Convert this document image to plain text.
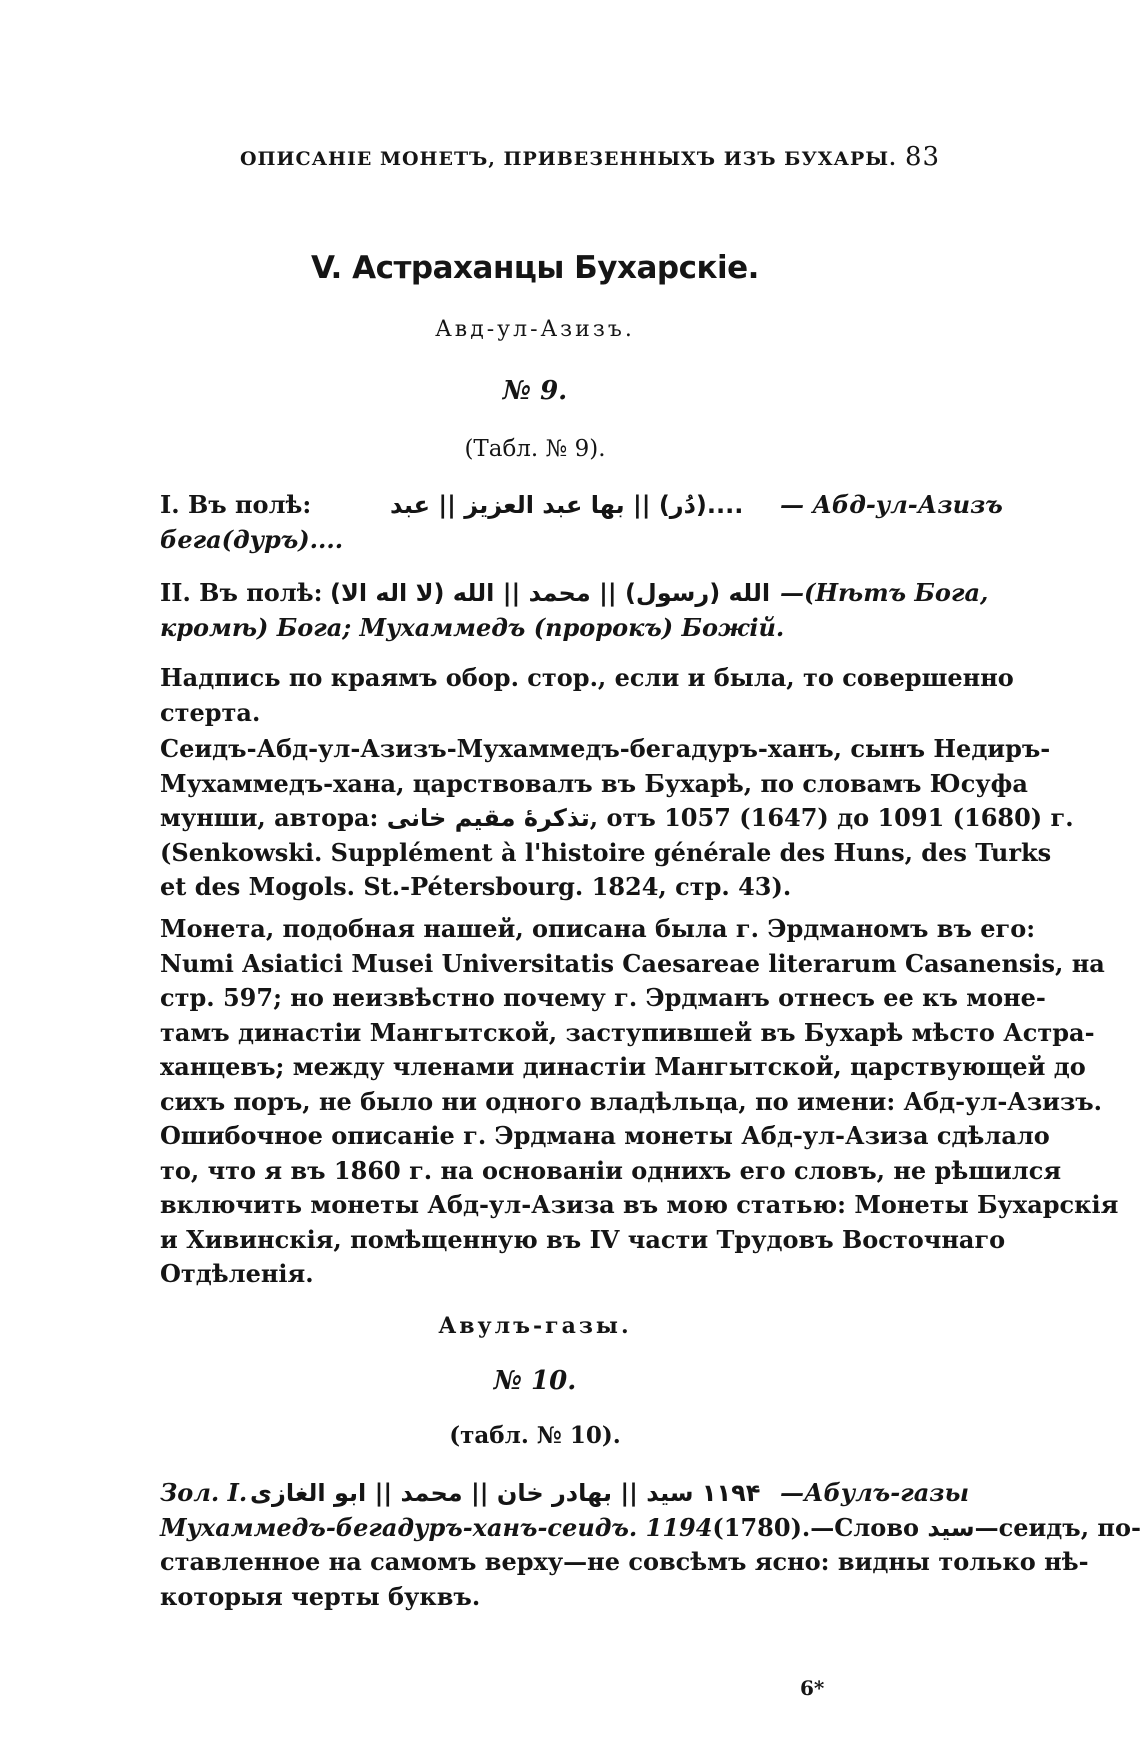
ОПИСАНІЕ МОНЕТЪ, ПРИВЕЗЕННЫХЪ ИЗЪ БУХАРЫ. 83
V. Астраханцы Бухарскіе.
Авд-ул-Азизъ.
№ 9.
(Табл. № 9).
I. Въ полѣ:	....(دُر) || بها عبد العزيز || عبد — Абд-ул-Азизъ
бега(дуръ)....
II. Въ полѣ: الله (رسول) || محمد || الله (لا اله الا) —(Нѣтъ Бога,
кромѣ) Бога; Мухаммедъ (пророкъ) Божій.
Надпись по краямъ обор. стор., если и была, то совершенно
стерта.
Сеидъ-Абд-ул-Азизъ-Мухаммедъ-бегадуръ-ханъ, сынъ Недиръ-
Мухаммедъ-хана, царствовалъ въ Бухарѣ, по словамъ Юсуфа
мунши, автора: تذکرهٔ مقیم خانی, отъ 1057 (1647) до 1091 (1680) г.
(Senkowski. Supplément à l'histoire générale des Huns, des Turks
et des Mogols. St.-Pétersbourg. 1824, стр. 43).
Монета, подобная нашей, описана была г. Эрдманомъ въ его:
Numi Asiatici Musei Universitatis Caesareae literarum Casanensis, на
стр. 597; но неизвѣстно почему г. Эрдманъ отнесъ ее къ моне-
тамъ династіи Мангытской, заступившей въ Бухарѣ мѣсто Астра-
ханцевъ; между членами династіи Мангытской, царствующей до
сихъ поръ, не было ни одного владѣльца, по имени: Абд-ул-Азизъ.
Ошибочное описаніе г. Эрдмана монеты Абд-ул-Азиза сдѣлало
то, что я въ 1860 г. на основаніи однихъ его словъ, не рѣшился
включить монеты Абд-ул-Азиза въ мою статью: Монеты Бухарскія
и Хивинскія, помѣщенную въ IV части Трудовъ Восточнаго
Отдѣленія.
Авулъ-газы.
№ 10.
(табл. № 10).
Зол. I. ۱۱۹۴ سید || بهادر خان || محمد || ابو الغازی —Абулъ-газы
Мухаммедъ-бегадуръ-ханъ-сеидъ. 1194(1780).—Слово سید—сеидъ, по-
ставленное на самомъ верху—не совсѣмъ ясно: видны только нѣ-
которыя черты буквъ.
6*
